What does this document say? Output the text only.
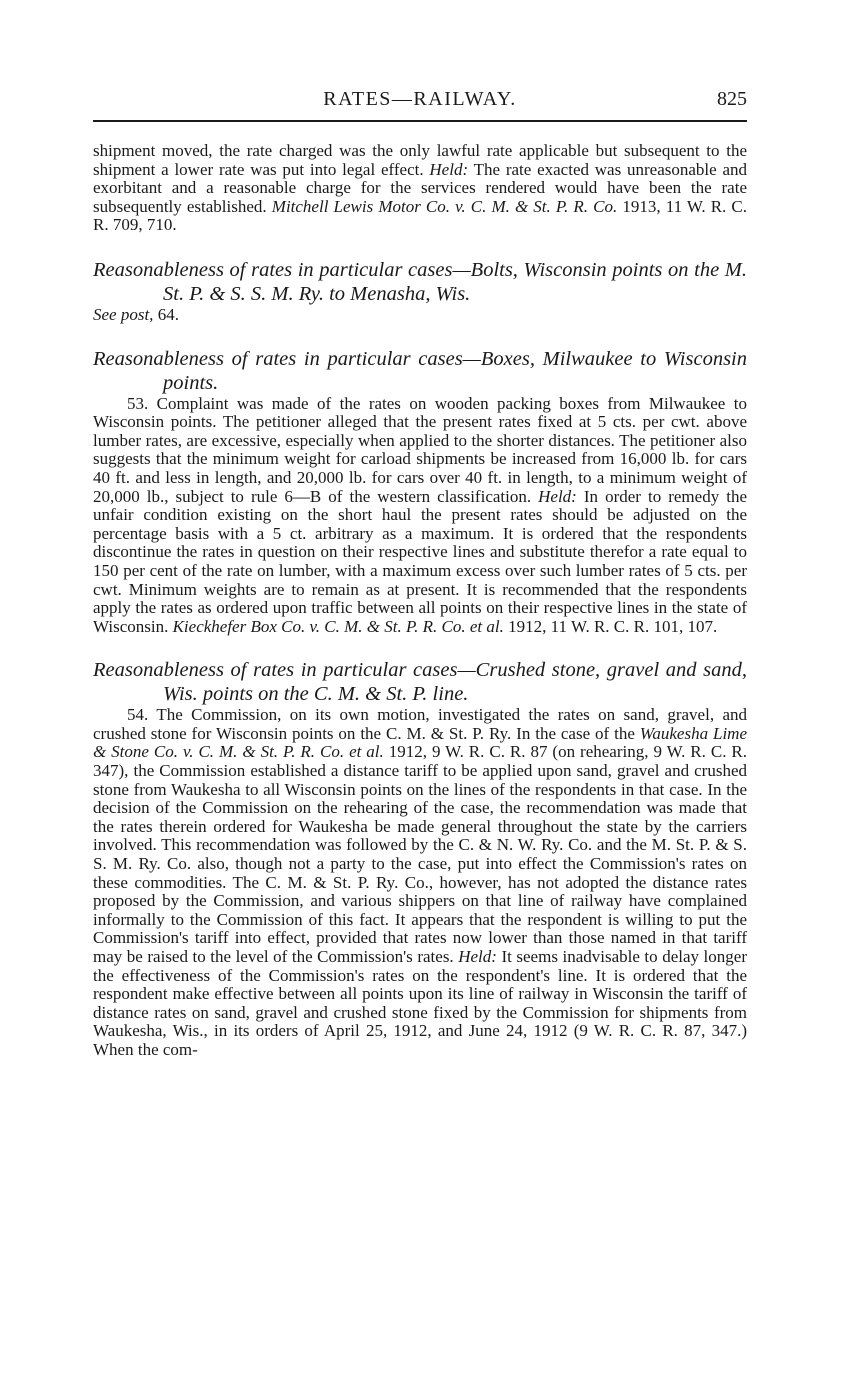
RATES—RAILWAY.	825

shipment moved, the rate charged was the only lawful rate applicable but subsequent to the shipment a lower rate was put into legal effect. Held: The rate exacted was unreasonable and exorbitant and a reasonable charge for the services rendered would have been the rate subsequently established. Mitchell Lewis Motor Co. v. C. M. & St. P. R. Co. 1913, 11 W. R. C. R. 709, 710.

Reasonableness of rates in particular cases—Bolts, Wisconsin points on the M. St. P. & S. S. M. Ry. to Menasha, Wis.

See post, 64.

Reasonableness of rates in particular cases—Boxes, Milwaukee to Wisconsin points.

53. Complaint was made of the rates on wooden packing boxes from Milwaukee to Wisconsin points. The petitioner alleged that the present rates fixed at 5 cts. per cwt. above lumber rates, are excessive, especially when applied to the shorter distances. The petitioner also suggests that the minimum weight for carload shipments be increased from 16,000 lb. for cars 40 ft. and less in length, and 20,000 lb. for cars over 40 ft. in length, to a minimum weight of 20,000 lb., subject to rule 6—B of the western classification. Held: In order to remedy the unfair condition existing on the short haul the present rates should be adjusted on the percentage basis with a 5 ct. arbitrary as a maximum. It is ordered that the respondents discontinue the rates in question on their respective lines and substitute therefor a rate equal to 150 per cent of the rate on lumber, with a maximum excess over such lumber rates of 5 cts. per cwt. Minimum weights are to remain as at present. It is recommended that the respondents apply the rates as ordered upon traffic between all points on their respective lines in the state of Wisconsin. Kieckhefer Box Co. v. C. M. & St. P. R. Co. et al. 1912, 11 W. R. C. R. 101, 107.

Reasonableness of rates in particular cases—Crushed stone, gravel and sand, Wis. points on the C. M. & St. P. line.

54. The Commission, on its own motion, investigated the rates on sand, gravel, and crushed stone for Wisconsin points on the C. M. & St. P. Ry. In the case of the Waukesha Lime & Stone Co. v. C. M. & St. P. R. Co. et al. 1912, 9 W. R. C. R. 87 (on rehearing, 9 W. R. C. R. 347), the Commission established a distance tariff to be applied upon sand, gravel and crushed stone from Waukesha to all Wisconsin points on the lines of the respondents in that case. In the decision of the Commission on the rehearing of the case, the recommendation was made that the rates therein ordered for Waukesha be made general throughout the state by the carriers involved. This recommendation was followed by the C. & N. W. Ry. Co. and the M. St. P. & S. S. M. Ry. Co. also, though not a party to the case, put into effect the Commission's rates on these commodities. The C. M. & St. P. Ry. Co., however, has not adopted the distance rates proposed by the Commission, and various shippers on that line of railway have complained informally to the Commission of this fact. It appears that the respondent is willing to put the Commission's tariff into effect, provided that rates now lower than those named in that tariff may be raised to the level of the Commission's rates. Held: It seems inadvisable to delay longer the effectiveness of the Commission's rates on the respondent's line. It is ordered that the respondent make effective between all points upon its line of railway in Wisconsin the tariff of distance rates on sand, gravel and crushed stone fixed by the Commission for shipments from Waukesha, Wis., in its orders of April 25, 1912, and June 24, 1912 (9 W. R. C. R. 87, 347.) When the com-
